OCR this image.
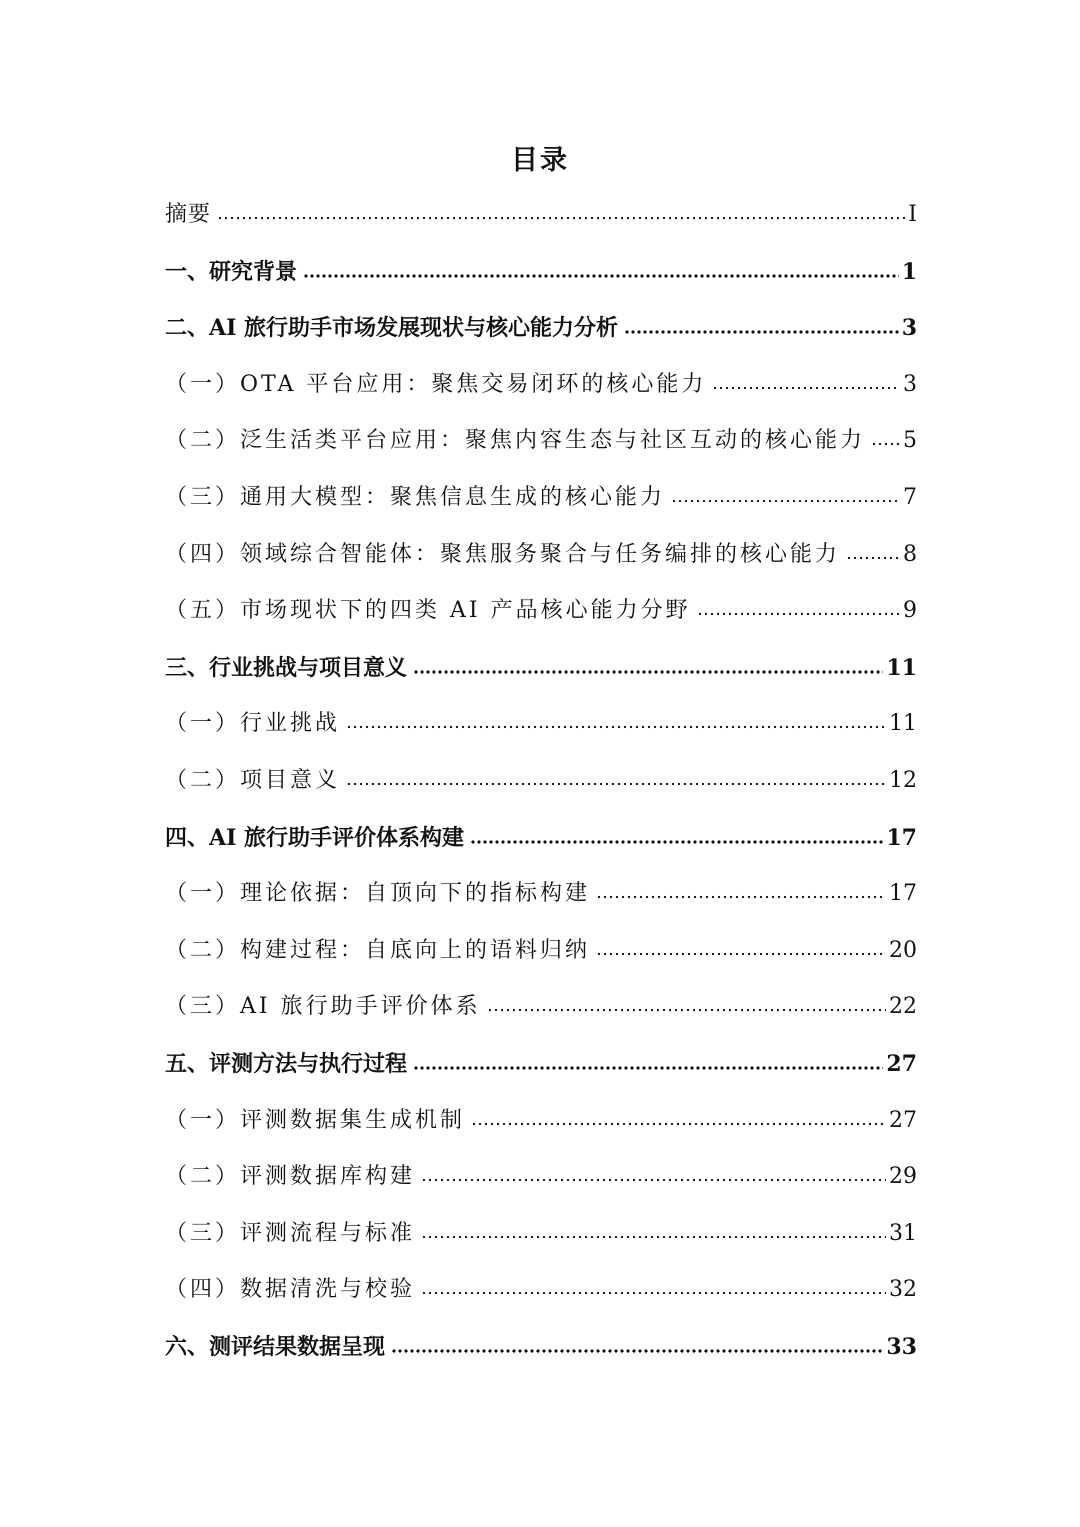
目录
摘要	I
一、研究背景	1
二、AI 旅行助手市场发展现状与核心能力分析	3
（一）OTA 平台应用：聚焦交易闭环的核心能力	3
（二）泛生活类平台应用：聚焦内容生态与社区互动的核心能力 5
（三）通用大模型：聚焦信息生成的核心能力	7
（四）领域综合智能体：聚焦服务聚合与任务编排的核心能力	8
（五）市场现状下的四类 AI 产品核心能力分野	9
三、行业挑战与项目意义	11
（一）行业挑战	11
（二）项目意义	12
四、AI 旅行助手评价体系构建	17
（一）理论依据：自顶向下的指标构建	17
（二）构建过程：自底向上的语料归纳	20
（三）AI 旅行助手评价体系	22
五、评测方法与执行过程	27
（一）评测数据集生成机制	27
（二）评测数据库构建	29
（三）评测流程与标准	31
（四）数据清洗与校验	32
六、测评结果数据呈现	33
